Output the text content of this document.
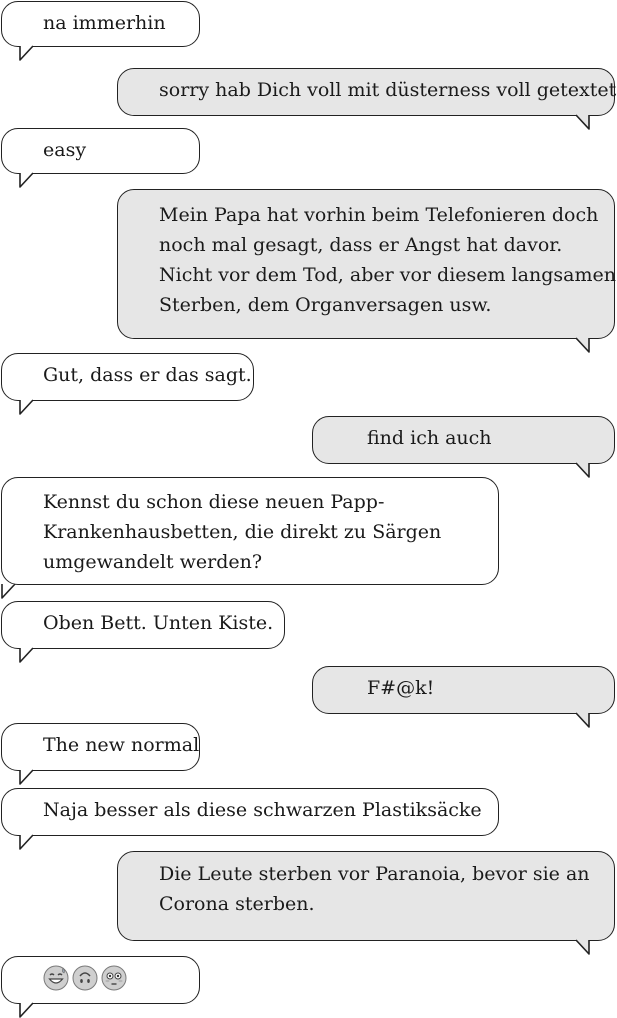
na immerhin
sorry hab Dich voll mit düsterness voll getextet
easy
Mein Papa hat vorhin beim Telefonieren doch
noch mal gesagt, dass er Angst hat davor.
Nicht vor dem Tod, aber vor diesem langsamen
Sterben, dem Organversagen usw.
Gut, dass er das sagt.
find ich auch
Kennst du schon diese neuen Papp-
Krankenhausbetten, die direkt zu Särgen
umgewandelt werden?
Oben Bett. Unten Kiste.
F#@k!
The new normal
Naja besser als diese schwarzen Plastiksäcke
Die Leute sterben vor Paranoia, bevor sie an
Corona sterben.
